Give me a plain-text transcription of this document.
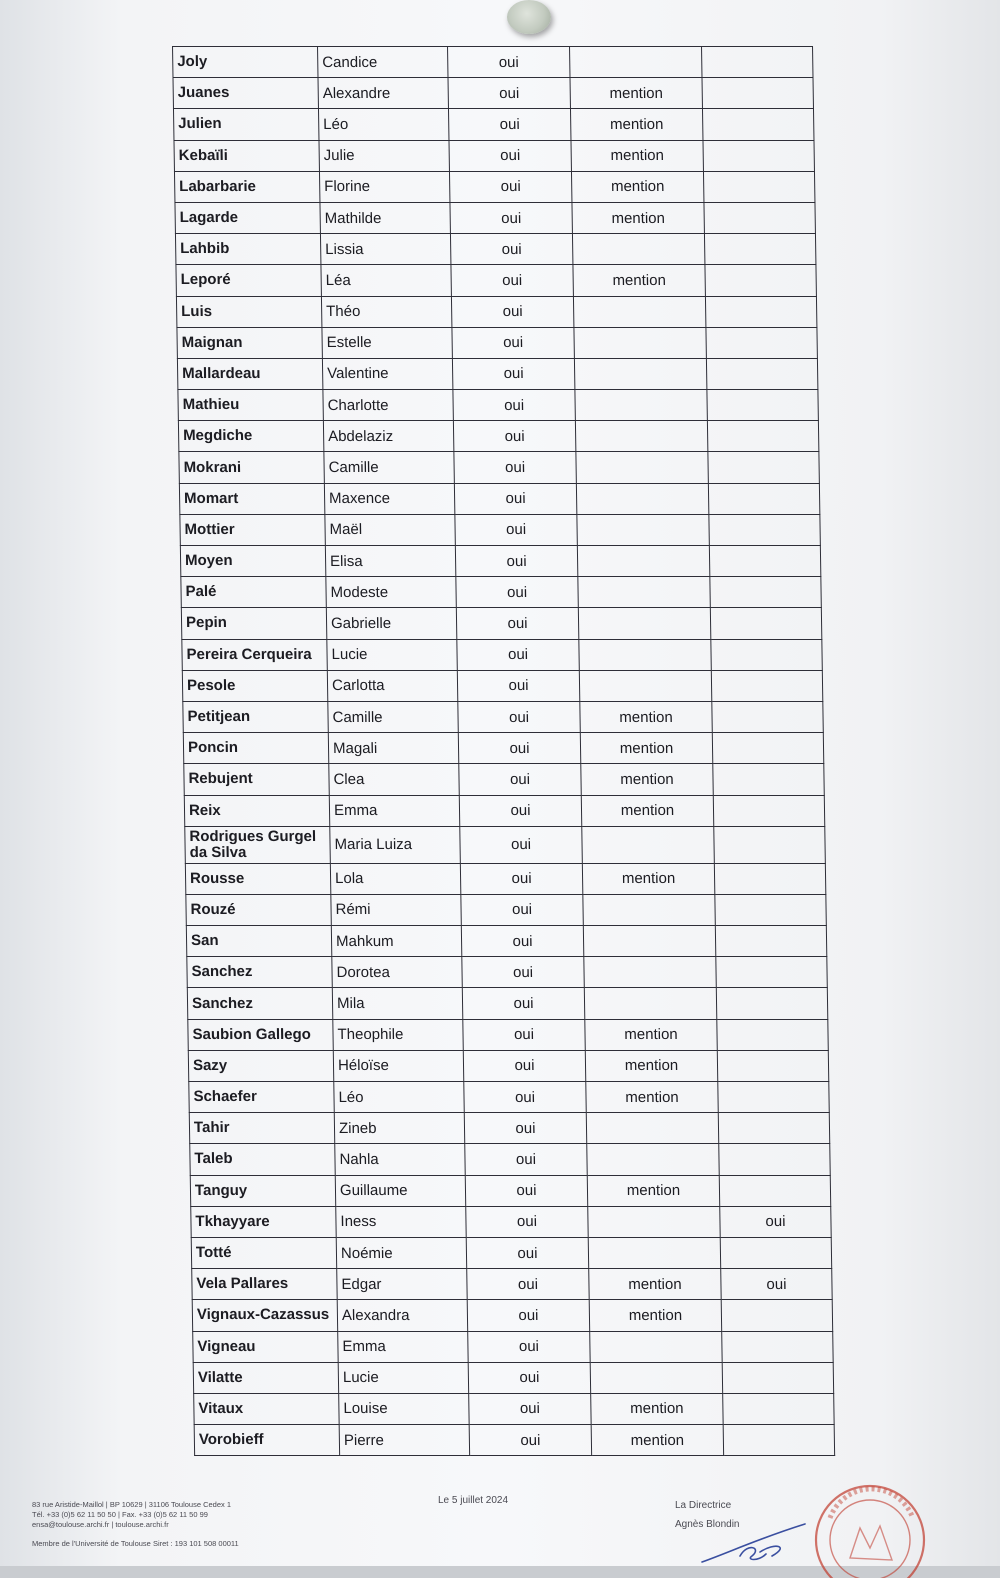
Joly	Candice	oui		
Juanes	Alexandre	oui	mention	
Julien	Léo	oui	mention	
Kebaïli	Julie	oui	mention	
Labarbarie	Florine	oui	mention	
Lagarde	Mathilde	oui	mention	
Lahbib	Lissia	oui		
Leporé	Léa	oui	mention	
Luis	Théo	oui		
Maignan	Estelle	oui		
Mallardeau	Valentine	oui		
Mathieu	Charlotte	oui		
Megdiche	Abdelaziz	oui		
Mokrani	Camille	oui		
Momart	Maxence	oui		
Mottier	Maël	oui		
Moyen	Elisa	oui		
Palé	Modeste	oui		
Pepin	Gabrielle	oui		
Pereira Cerqueira	Lucie	oui		
Pesole	Carlotta	oui		
Petitjean	Camille	oui	mention	
Poncin	Magali	oui	mention	
Rebujent	Clea	oui	mention	
Reix	Emma	oui	mention	
Rodrigues Gurgel da Silva	Maria Luiza	oui		
Rousse	Lola	oui	mention	
Rouzé	Rémi	oui		
San	Mahkum	oui		
Sanchez	Dorotea	oui		
Sanchez	Mila	oui		
Saubion Gallego	Theophile	oui	mention	
Sazy	Héloïse	oui	mention	
Schaefer	Léo	oui	mention	
Tahir	Zineb	oui		
Taleb	Nahla	oui		
Tanguy	Guillaume	oui	mention	
Tkhayyare	Iness	oui		oui
Totté	Noémie	oui		
Vela Pallares	Edgar	oui	mention	oui
Vignaux-Cazassus	Alexandra	oui	mention	
Vigneau	Emma	oui		
Vilatte	Lucie	oui		
Vitaux	Louise	oui	mention	
Vorobieff	Pierre	oui	mention	
83 rue Aristide-Maillol | BP 10629 | 31106 Toulouse Cedex 1
Tél. +33 (0)5 62 11 50 50 | Fax. +33 (0)5 62 11 50 99
ensa@toulouse.archi.fr | toulouse.archi.fr
Membre de l'Université de Toulouse Siret : 193 101 508 00011
Le 5 juillet 2024	La Directrice
Agnès Blondin
